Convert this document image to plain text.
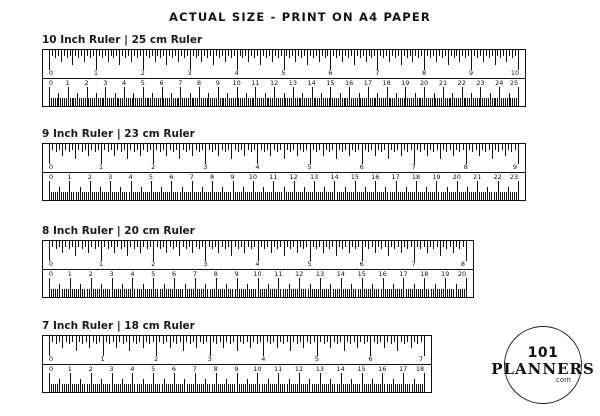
ACTUAL SIZE - PRINT ON A4 PAPER
10 Inch Ruler | 25 cm Ruler
0	1	2	3	4	5	6	7	8	9	10
0 1 2 3 4 5 6 7 8 9 10 11 12 13 14 15 16 17 18 19 20 21 22 23 24 25
9 Inch Ruler | 23 cm Ruler
0	1	2	3	4	5	6	7	8	9
0 1	2	3	4	5	6	7	8	9 10 11 12 13 14 15 16 17 18 19 20 21 22 23
8 Inch Ruler | 20 cm Ruler
0	1	2	3	4	5	6	7	8
0 1	2	3	4	5	6	7	8	9 10 11 12 13 14 15 16 17 18 19 20
7 Inch Ruler | 18 cm Ruler
0	1	2	3	4	5	6	7
0 1	2	3	4	5	6	7	8	9 10 11 12 13 14 15 16 17 18
101
PLANNERS
.com
